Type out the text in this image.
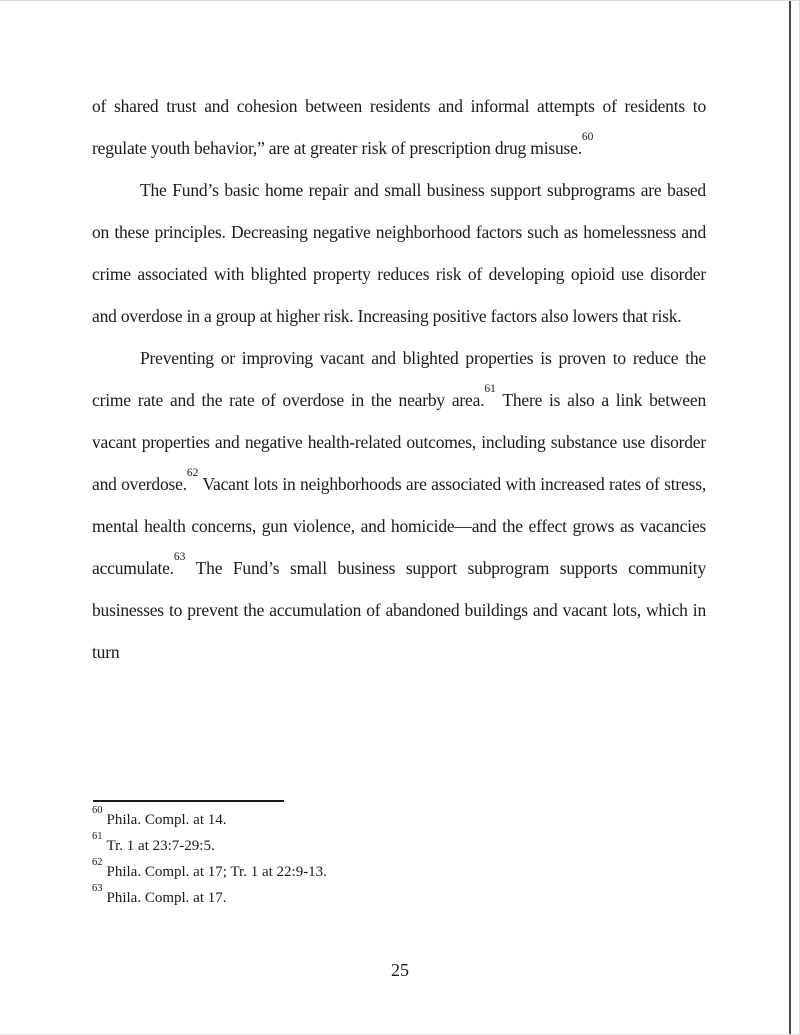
of shared trust and cohesion between residents and informal attempts of residents to regulate youth behavior,” are at greater risk of prescription drug misuse.$^{60}$

The Fund’s basic home repair and small business support subprograms are based on these principles. Decreasing negative neighborhood factors such as homelessness and crime associated with blighted property reduces risk of developing opioid use disorder and overdose in a group at higher risk. Increasing positive factors also lowers that risk.

Preventing or improving vacant and blighted properties is proven to reduce the crime rate and the rate of overdose in the nearby area.$^{61}$ There is also a link between vacant properties and negative health-related outcomes, including substance use disorder and overdose.$^{62}$ Vacant lots in neighborhoods are associated with increased rates of stress, mental health concerns, gun violence, and homicide—and the effect grows as vacancies accumulate.$^{63}$ The Fund’s small business support subprogram supports community businesses to prevent the accumulation of abandoned buildings and vacant lots, which in turn

$^{60}$Phila. Compl. at 14.

$^{61}$Tr. 1 at 23:7-29:5.

$^{62}$Phila. Compl. at 17; Tr. 1 at 22:9-13.

$^{63}$Phila. Compl. at 17.

25
